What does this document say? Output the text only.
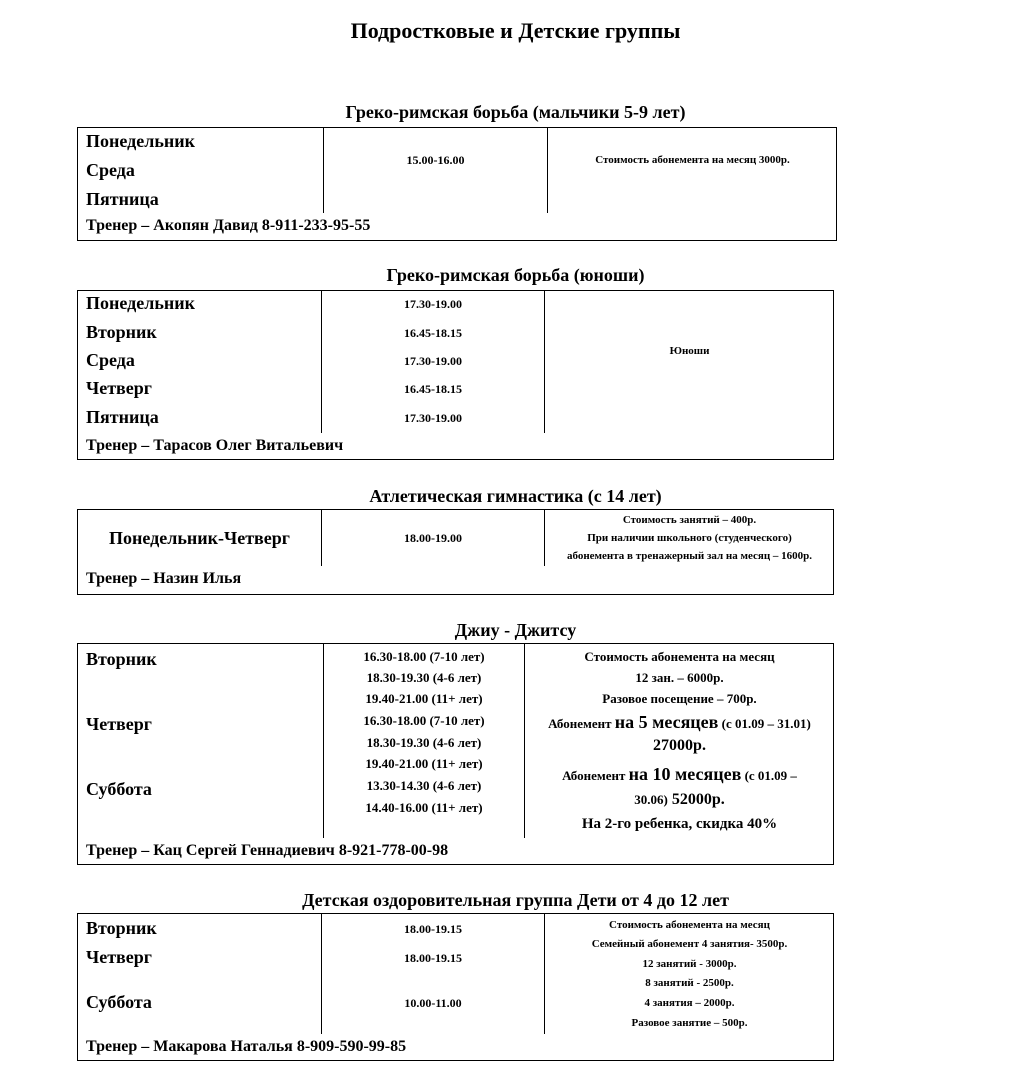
Подростковые и Детские группы
Греко-римская борьба (мальчики 5-9 лет)
Понедельник
Среда
Пятница
15.00-16.00	Стоимость абонемента на месяц 3000р.
Тренер – Акопян Давид 8-911-233-95-55
Греко-римская борьба (юноши)
Понедельник
Вторник
Среда
Четверг
Пятница
17.30-19.00
16.45-18.15
17.30-19.00
16.45-18.15
17.30-19.00
Юноши
Тренер – Тарасов Олег Витальевич
Атлетическая гимнастика (с 14 лет)
Понедельник-Четверг	18.00-19.00
Стоимость занятий – 400р.
При наличии школьного (студенческого)
абонемента в тренажерный зал на месяц – 1600р.
Тренер – Назин Илья
Джиу - Джитсу
Вторник
Четверг
Суббота
16.30-18.00 (7-10 лет)
18.30-19.30 (4-6 лет)
19.40-21.00 (11+ лет)
16.30-18.00 (7-10 лет)
18.30-19.30 (4-6 лет)
19.40-21.00 (11+ лет)
13.30-14.30 (4-6 лет)
14.40-16.00 (11+ лет)
Стоимость абонемента на месяц
12 зан. – 6000р.
Разовое посещение – 700р.
Абонемент на 5 месяцев (с 01.09 – 31.01)
27000р.
Абонемент на 10 месяцев (с 01.09 –
30.06) 52000р.
На 2-го ребенка, скидка 40%
Тренер – Кац Сергей Геннадиевич 8-921-778-00-98
Детская оздоровительная группа Дети от 4 до 12 лет
Вторник
Четверг
Суббота
18.00-19.15
18.00-19.15
10.00-11.00
Стоимость абонемента на месяц
Семейный абонемент 4 занятия- 3500р.
12 занятий - 3000р.
8 занятий - 2500р.
4 занятия – 2000р.
Разовое занятие – 500р.
Тренер – Макарова Наталья 8-909-590-99-85
